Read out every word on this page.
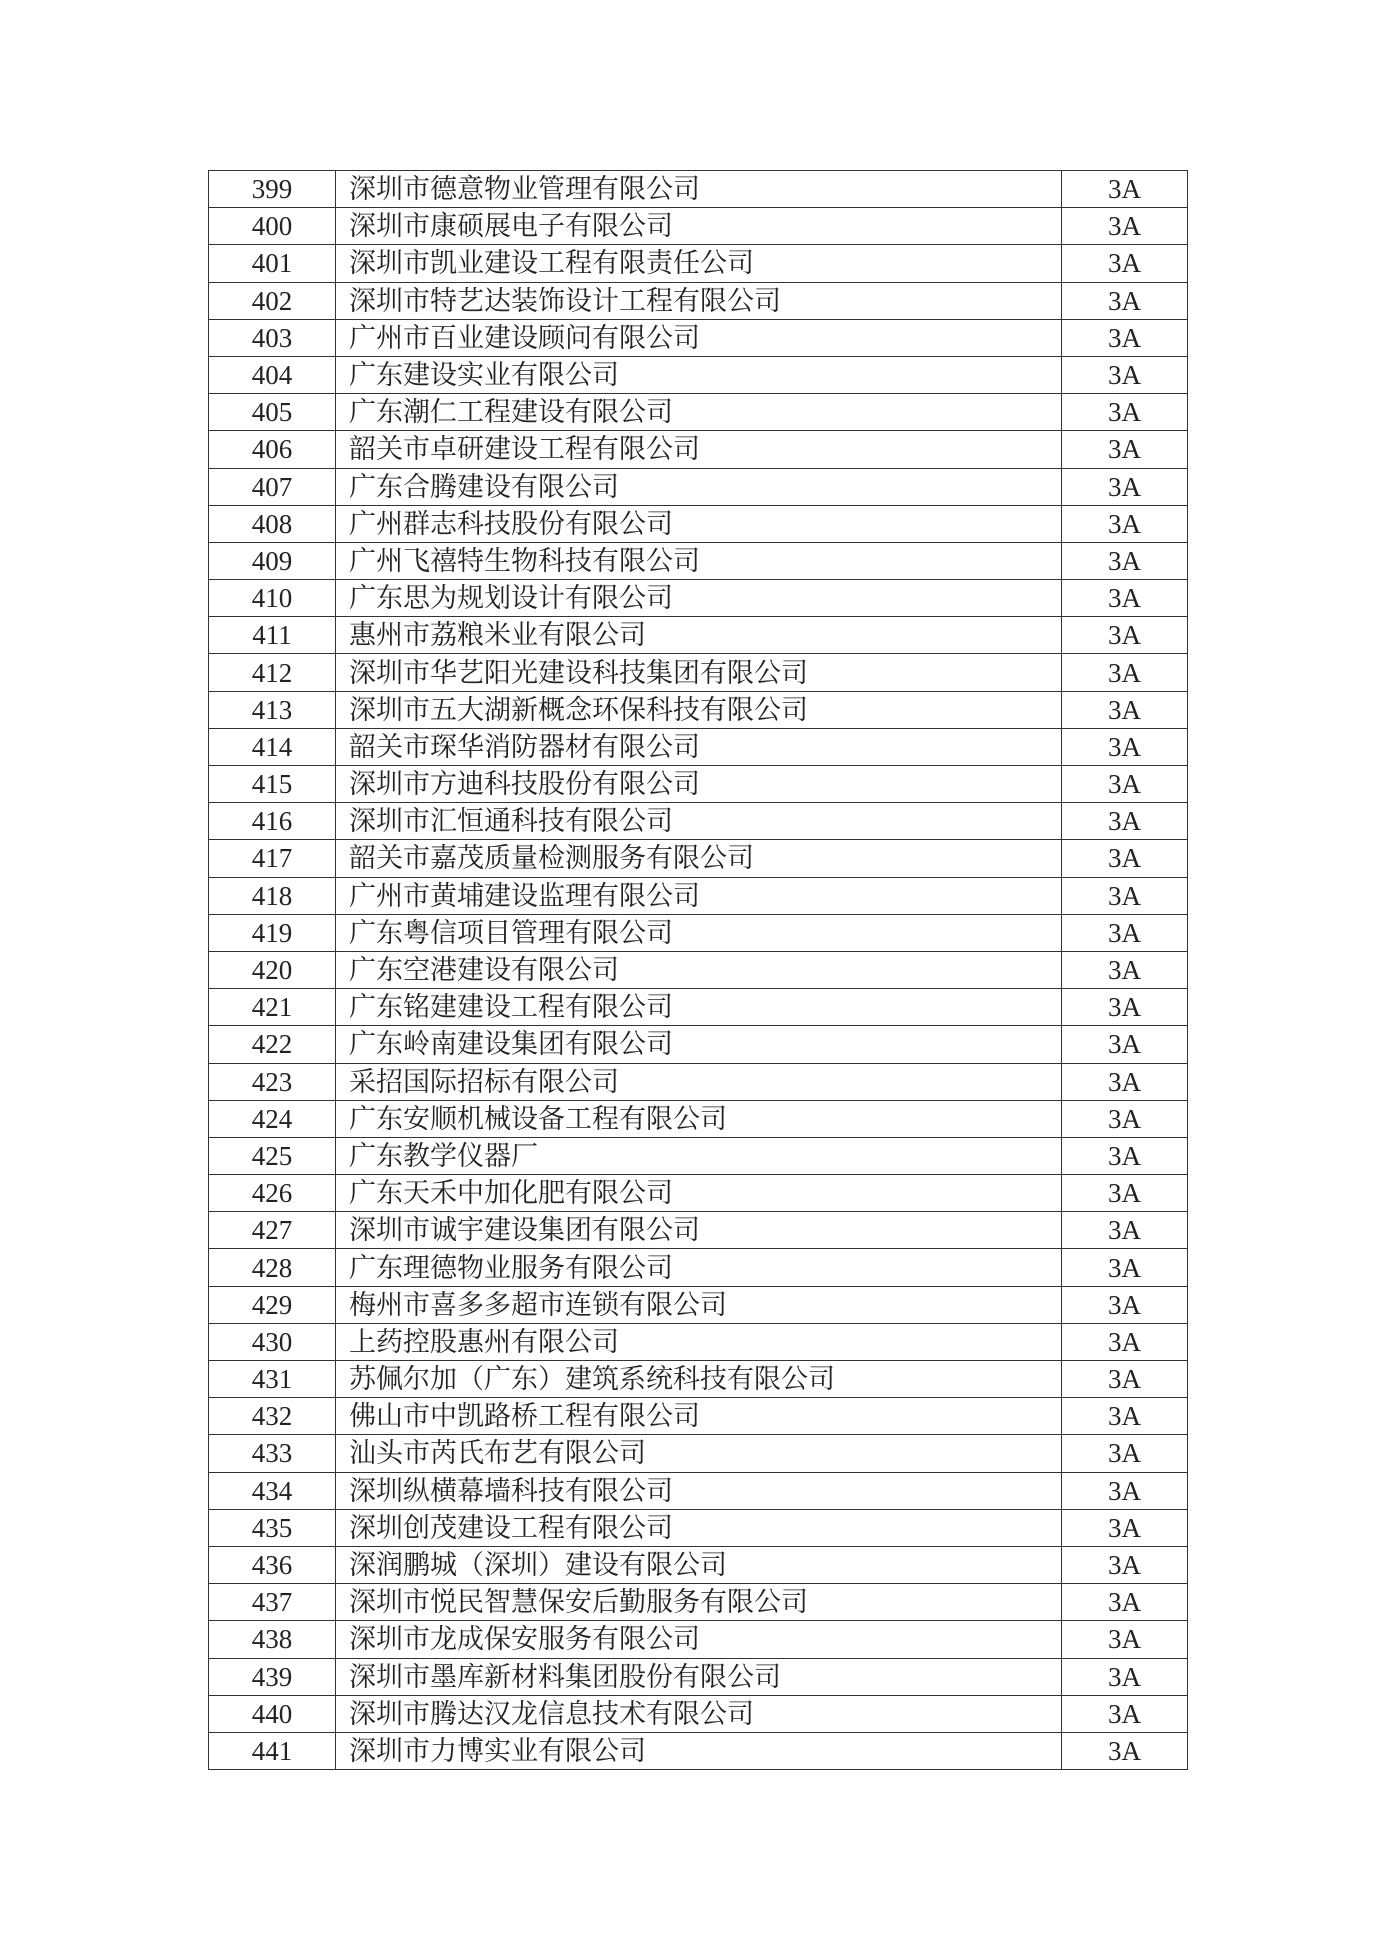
399	深圳市德意物业管理有限公司	3A
400	深圳市康硕展电子有限公司	3A
401	深圳市凯业建设工程有限责任公司	3A
402	深圳市特艺达装饰设计工程有限公司	3A
403	广州市百业建设顾问有限公司	3A
404	广东建设实业有限公司	3A
405	广东潮仁工程建设有限公司	3A
406	韶关市卓研建设工程有限公司	3A
407	广东合腾建设有限公司	3A
408	广州群志科技股份有限公司	3A
409	广州飞禧特生物科技有限公司	3A
410	广东思为规划设计有限公司	3A
411	惠州市荔粮米业有限公司	3A
412	深圳市华艺阳光建设科技集团有限公司	3A
413	深圳市五大湖新概念环保科技有限公司	3A
414	韶关市琛华消防器材有限公司	3A
415	深圳市方迪科技股份有限公司	3A
416	深圳市汇恒通科技有限公司	3A
417	韶关市嘉茂质量检测服务有限公司	3A
418	广州市黄埔建设监理有限公司	3A
419	广东粤信项目管理有限公司	3A
420	广东空港建设有限公司	3A
421	广东铭建建设工程有限公司	3A
422	广东岭南建设集团有限公司	3A
423	采招国际招标有限公司	3A
424	广东安顺机械设备工程有限公司	3A
425	广东教学仪器厂	3A
426	广东天禾中加化肥有限公司	3A
427	深圳市诚宇建设集团有限公司	3A
428	广东理德物业服务有限公司	3A
429	梅州市喜多多超市连锁有限公司	3A
430	上药控股惠州有限公司	3A
431	苏佩尔加（广东）建筑系统科技有限公司	3A
432	佛山市中凯路桥工程有限公司	3A
433	汕头市芮氏布艺有限公司	3A
434	深圳纵横幕墙科技有限公司	3A
435	深圳创茂建设工程有限公司	3A
436	深润鹏城（深圳）建设有限公司	3A
437	深圳市悦民智慧保安后勤服务有限公司	3A
438	深圳市龙成保安服务有限公司	3A
439	深圳市墨库新材料集团股份有限公司	3A
440	深圳市腾达汉龙信息技术有限公司	3A
441	深圳市力博实业有限公司	3A
